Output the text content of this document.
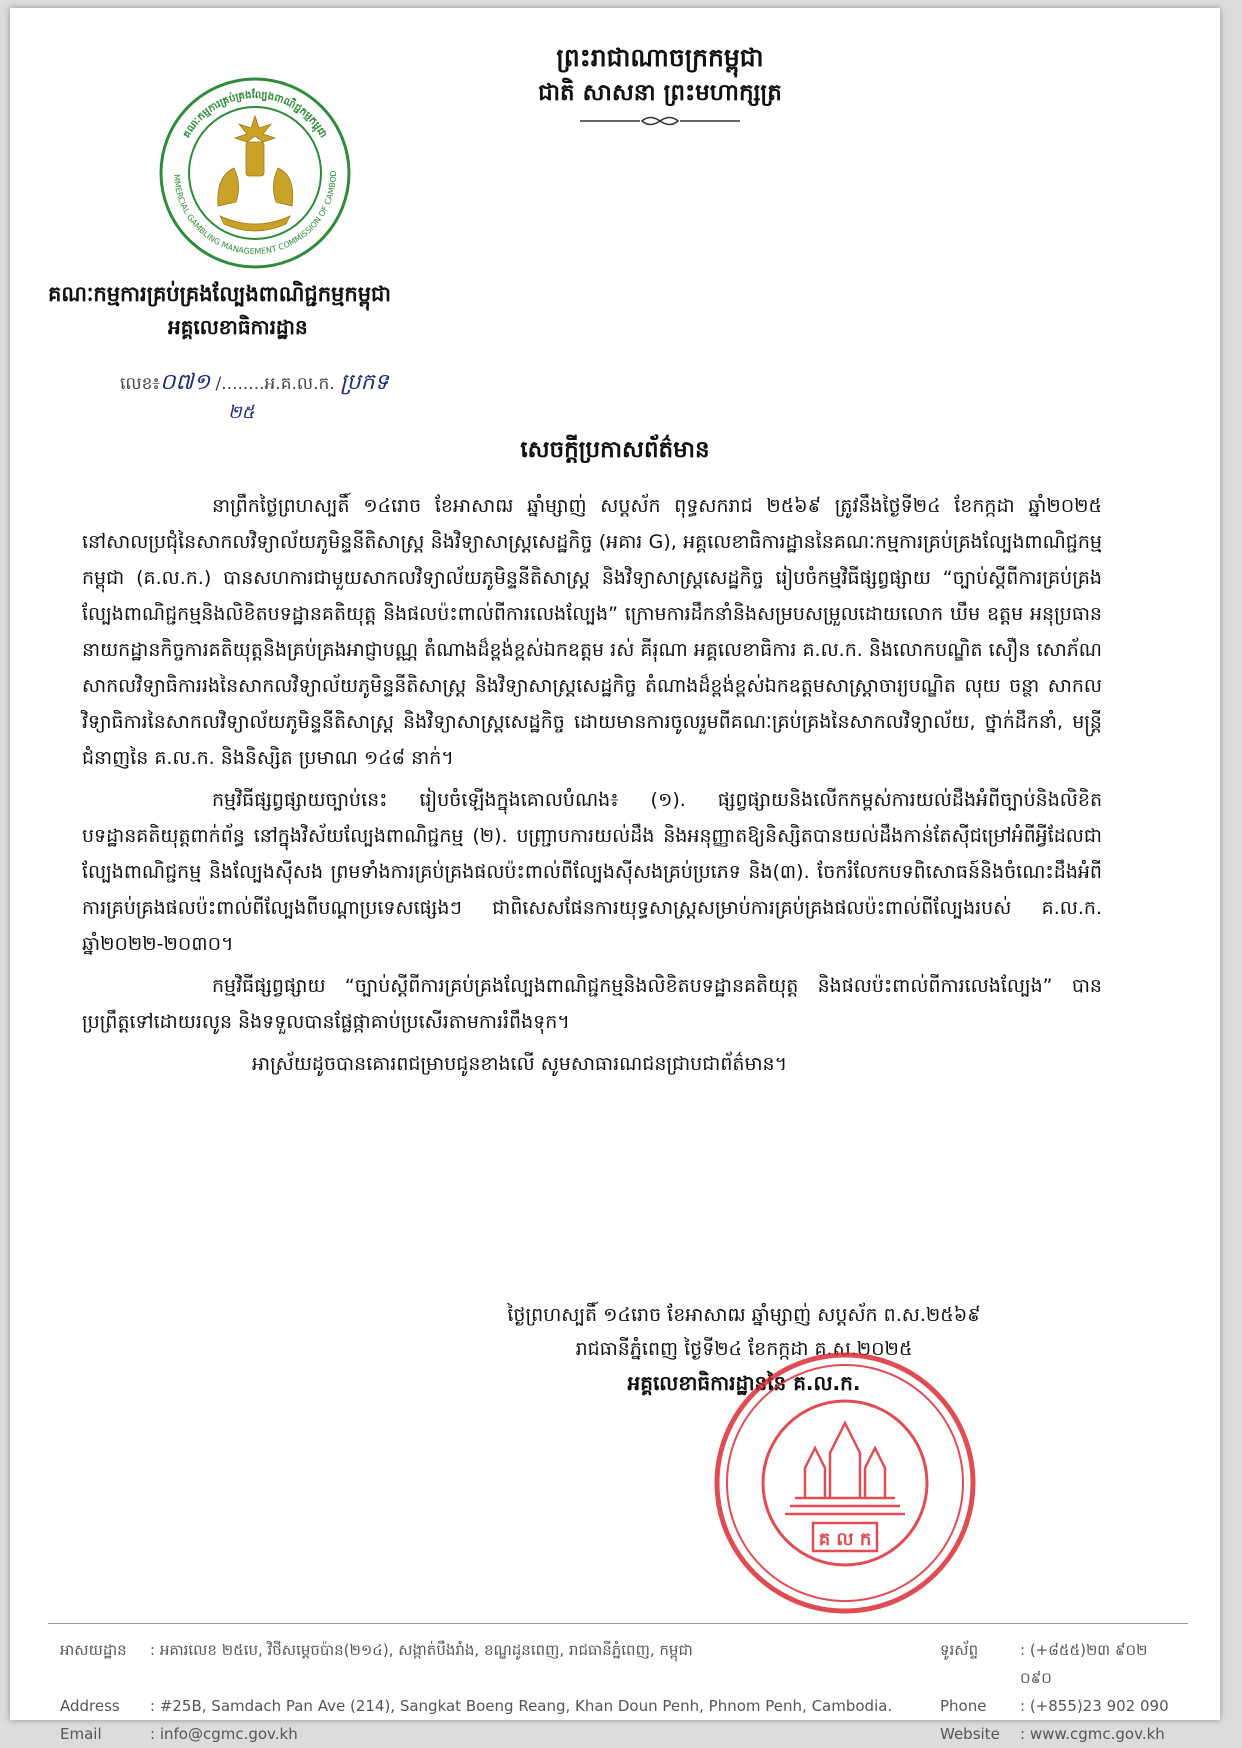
ព្រះរាជាណាចក្រកម្ពុជា
ជាតិ សាសនា ព្រះមហាក្សត្រ
គណៈកម្មការគ្រប់គ្រងល្បែងពាណិជ្ជកម្មកម្ពុជា
MMERCIAL GAMBLING MANAGEMENT COMMISSION OF CAMBOD
គណៈកម្មការគ្រប់គ្រងល្បែងពាណិជ្ជកម្មកម្ពុជា
អគ្គលេខាធិការដ្ឋាន
លេខ៖០៧១ /........អ.គ.ល.ក. ប្រកទ
២៥
សេចក្តីប្រកាសព័ត៌មាន

នាព្រឹកថ្ងៃព្រហស្បតិ៍ ១៤រោច ខែអាសាឍ ឆ្នាំម្សាញ់ សប្តស័ក ពុទ្ធសករាជ ២៥៦៩ ត្រូវនឹងថ្ងៃទី២៤ ខែកក្កដា ឆ្នាំ២០២៥ នៅសាលប្រជុំនៃសាកលវិទ្យាល័យភូមិន្ទនីតិសាស្ត្រ និងវិទ្យាសាស្ត្រសេដ្ឋកិច្ច (អគារ G), អគ្គលេខាធិការដ្ឋាននៃគណៈកម្មការគ្រប់គ្រងល្បែងពាណិជ្ជកម្មកម្ពុជា (គ.ល.ក.) បានសហការជាមួយសាកលវិទ្យាល័យភូមិន្ទនីតិសាស្ត្រ និងវិទ្យាសាស្ត្រសេដ្ឋកិច្ច រៀបចំកម្មវិធីផ្សព្វផ្សាយ “ច្បាប់ស្តីពីការគ្រប់គ្រងល្បែងពាណិជ្ជកម្មនិងលិខិតបទដ្ឋានគតិយុត្ត និងផលប៉ះពាល់ពីការលេងល្បែង” ក្រោមការដឹកនាំនិងសម្របសម្រួលដោយលោក ឃឹម ឧត្តម អនុប្រធាននាយកដ្ឋានកិច្ចការគតិយុត្តនិងគ្រប់គ្រងអាជ្ញាបណ្ណ តំណាងដ៏ខ្ពង់ខ្ពស់ឯកឧត្តម រស់ គីរុណា អគ្គលេខាធិការ គ.ល.ក. និងលោកបណ្ឌិត សឿន សោភ័ណ សាកលវិទ្យាធិការរងនៃសាកលវិទ្យាល័យភូមិន្ទនីតិសាស្ត្រ និងវិទ្យាសាស្ត្រសេដ្ឋកិច្ច តំណាងដ៏ខ្ពង់ខ្ពស់ឯកឧត្តមសាស្ត្រាចារ្យបណ្ឌិត លុយ ចន្ថា សាកលវិទ្យាធិការនៃសាកលវិទ្យាល័យភូមិន្ទនីតិសាស្ត្រ និងវិទ្យាសាស្ត្រសេដ្ឋកិច្ច ដោយមានការចូលរួមពីគណៈគ្រប់គ្រងនៃសាកលវិទ្យាល័យ, ថ្នាក់ដឹកនាំ, មន្ត្រីជំនាញនៃ គ.ល.ក. និងនិស្សិត ប្រមាណ ១៤៨ នាក់។

កម្មវិធីផ្សព្វផ្សាយច្បាប់នេះ រៀបចំឡើងក្នុងគោលបំណង៖ (១). ផ្សព្វផ្សាយនិងលើកកម្ពស់ការយល់ដឹងអំពីច្បាប់និងលិខិតបទដ្ឋានគតិយុត្តពាក់ព័ន្ធ នៅក្នុងវិស័យល្បែងពាណិជ្ជកម្ម (២). បញ្ជ្រាបការយល់ដឹង និងអនុញ្ញាតឱ្យនិស្សិតបានយល់ដឹងកាន់តែស៊ីជម្រៅអំពីអ្វីដែលជាល្បែងពាណិជ្ជកម្ម និងល្បែងស៊ីសង ព្រមទាំងការគ្រប់គ្រងផលប៉ះពាល់ពីល្បែងស៊ីសងគ្រប់ប្រភេទ និង(៣). ចែករំលែកបទពិសោធន៍និងចំណេះដឹងអំពីការគ្រប់គ្រងផលប៉ះពាល់ពីល្បែងពីបណ្តាប្រទេសផ្សេងៗ ជាពិសេសផែនការយុទ្ធសាស្ត្រសម្រាប់ការគ្រប់គ្រងផលប៉ះពាល់ពីល្បែងរបស់ គ.ល.ក. ឆ្នាំ២០២២-២០៣០។

កម្មវិធីផ្សព្វផ្សាយ “ច្បាប់ស្តីពីការគ្រប់គ្រងល្បែងពាណិជ្ជកម្មនិងលិខិតបទដ្ឋានគតិយុត្ត និងផលប៉ះពាល់ពីការលេងល្បែង” បានប្រព្រឹត្តទៅដោយរលូន និងទទួលបានផ្លែផ្កាគាប់ប្រសើរតាមការរំពឹងទុក។

អាស្រ័យដូចបានគោរពជម្រាបជូនខាងលើ សូមសាធារណជនជ្រាបជាព័ត៌មាន។

ថ្ងៃព្រហស្បតិ៍ ១៤រោច ខែអាសាឍ ឆ្នាំម្សាញ់ សប្តស័ក ព.ស.២៥៦៩
រាជធានីភ្នំពេញ ថ្ងៃទី២៤ ខែកក្កដា គ.ស.២០២៥
អគ្គលេខាធិការដ្ឋាននៃ គ.ល.ក.
គ ល ក
អាសយដ្ឋាន	: អគារលេខ ២៥បេ, វិថីសម្តេចប៉ាន(២១៤), សង្កាត់បឹងរាំង, ខណ្ឌដូនពេញ, រាជធានីភ្នំពេញ, កម្ពុជា	ទូរស័ព្ទ	: (+៨៥៥)២៣ ៩០២ ០៩០
Address	: #25B, Samdach Pan Ave (214), Sangkat Boeng Reang, Khan Doun Penh, Phnom Penh, Cambodia.	Phone	: (+855)23 902 090
Email	: info@cgmc.gov.kh	Website	: www.cgmc.gov.kh
